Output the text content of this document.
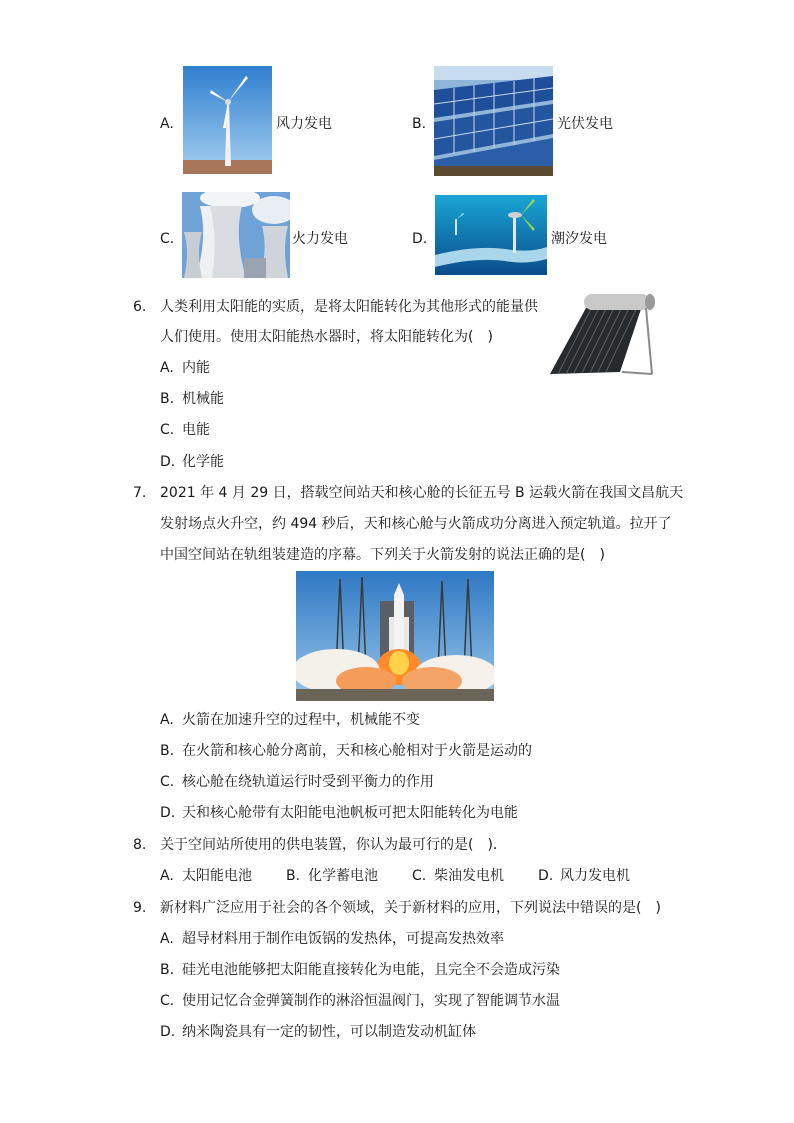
A.	风力发电	B.	光伏发电
C.	火力发电	D.	潮汐发电
6. 人类利用太阳能的实质，是将太阳能转化为其他形式的能量供
人们使用。使用太阳能热水器时，将太阳能转化为(　)
A. 内能
B. 机械能
C. 电能
D. 化学能
7. 2021 年 4 月 29 日，搭载空间站天和核心舱的长征五号 B 运载火箭在我国文昌航天
发射场点火升空，约 494 秒后，天和核心舱与火箭成功分离进入预定轨道。拉开了
中国空间站在轨组装建造的序幕。下列关于火箭发射的说法正确的是(　)
A. 火箭在加速升空的过程中，机械能不变
B. 在火箭和核心舱分离前，天和核心舱相对于火箭是运动的
C. 核心舱在绕轨道运行时受到平衡力的作用
D. 天和核心舱带有太阳能电池帆板可把太阳能转化为电能
8. 关于空间站所使用的供电装置，你认为最可行的是(　)．
A. 太阳能电池 B. 化学蓄电池 C. 柴油发电机 D. 风力发电机
9. 新材料广泛应用于社会的各个领域，关于新材料的应用，下列说法中错误的是(　)
A. 超导材料用于制作电饭锅的发热体，可提高发热效率
B. 硅光电池能够把太阳能直接转化为电能，且完全不会造成污染
C. 使用记忆合金弹簧制作的淋浴恒温阀门，实现了智能调节水温
D. 纳米陶瓷具有一定的韧性，可以制造发动机缸体
